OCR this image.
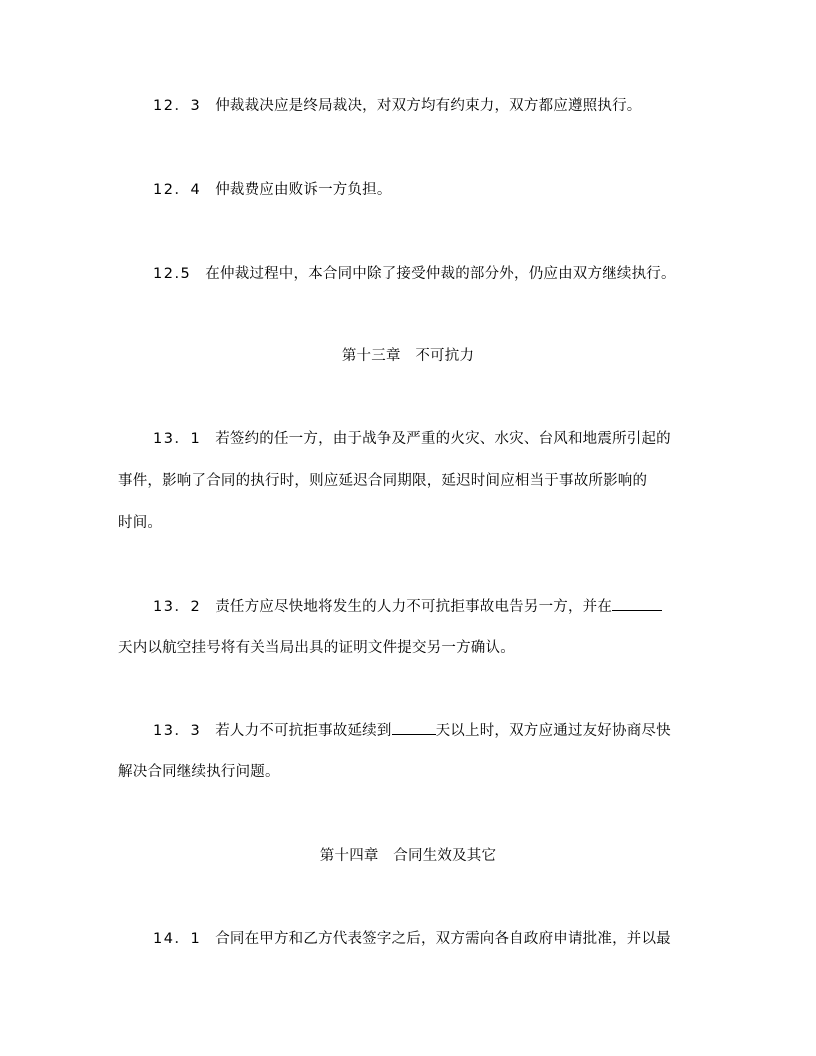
12．3 仲裁裁决应是终局裁决，对双方均有约束力，双方都应遵照执行。
12．4 仲裁费应由败诉一方负担。
12.5 在仲裁过程中，本合同中除了接受仲裁的部分外，仍应由双方继续执行。
第十三章　不可抗力
13．1 若签约的任一方，由于战争及严重的火灾、水灾、台风和地震所引起的
事件，影响了合同的执行时，则应延迟合同期限，延迟时间应相当于事故所影响的
时间。
13．2 责任方应尽快地将发生的人力不可抗拒事故电告另一方，并在
天内以航空挂号将有关当局出具的证明文件提交另一方确认。
13．3 若人力不可抗拒事故延续到	天以上时，双方应通过友好协商尽快
解决合同继续执行问题。
第十四章　合同生效及其它
14．1 合同在甲方和乙方代表签字之后，双方需向各自政府申请批准，并以最
